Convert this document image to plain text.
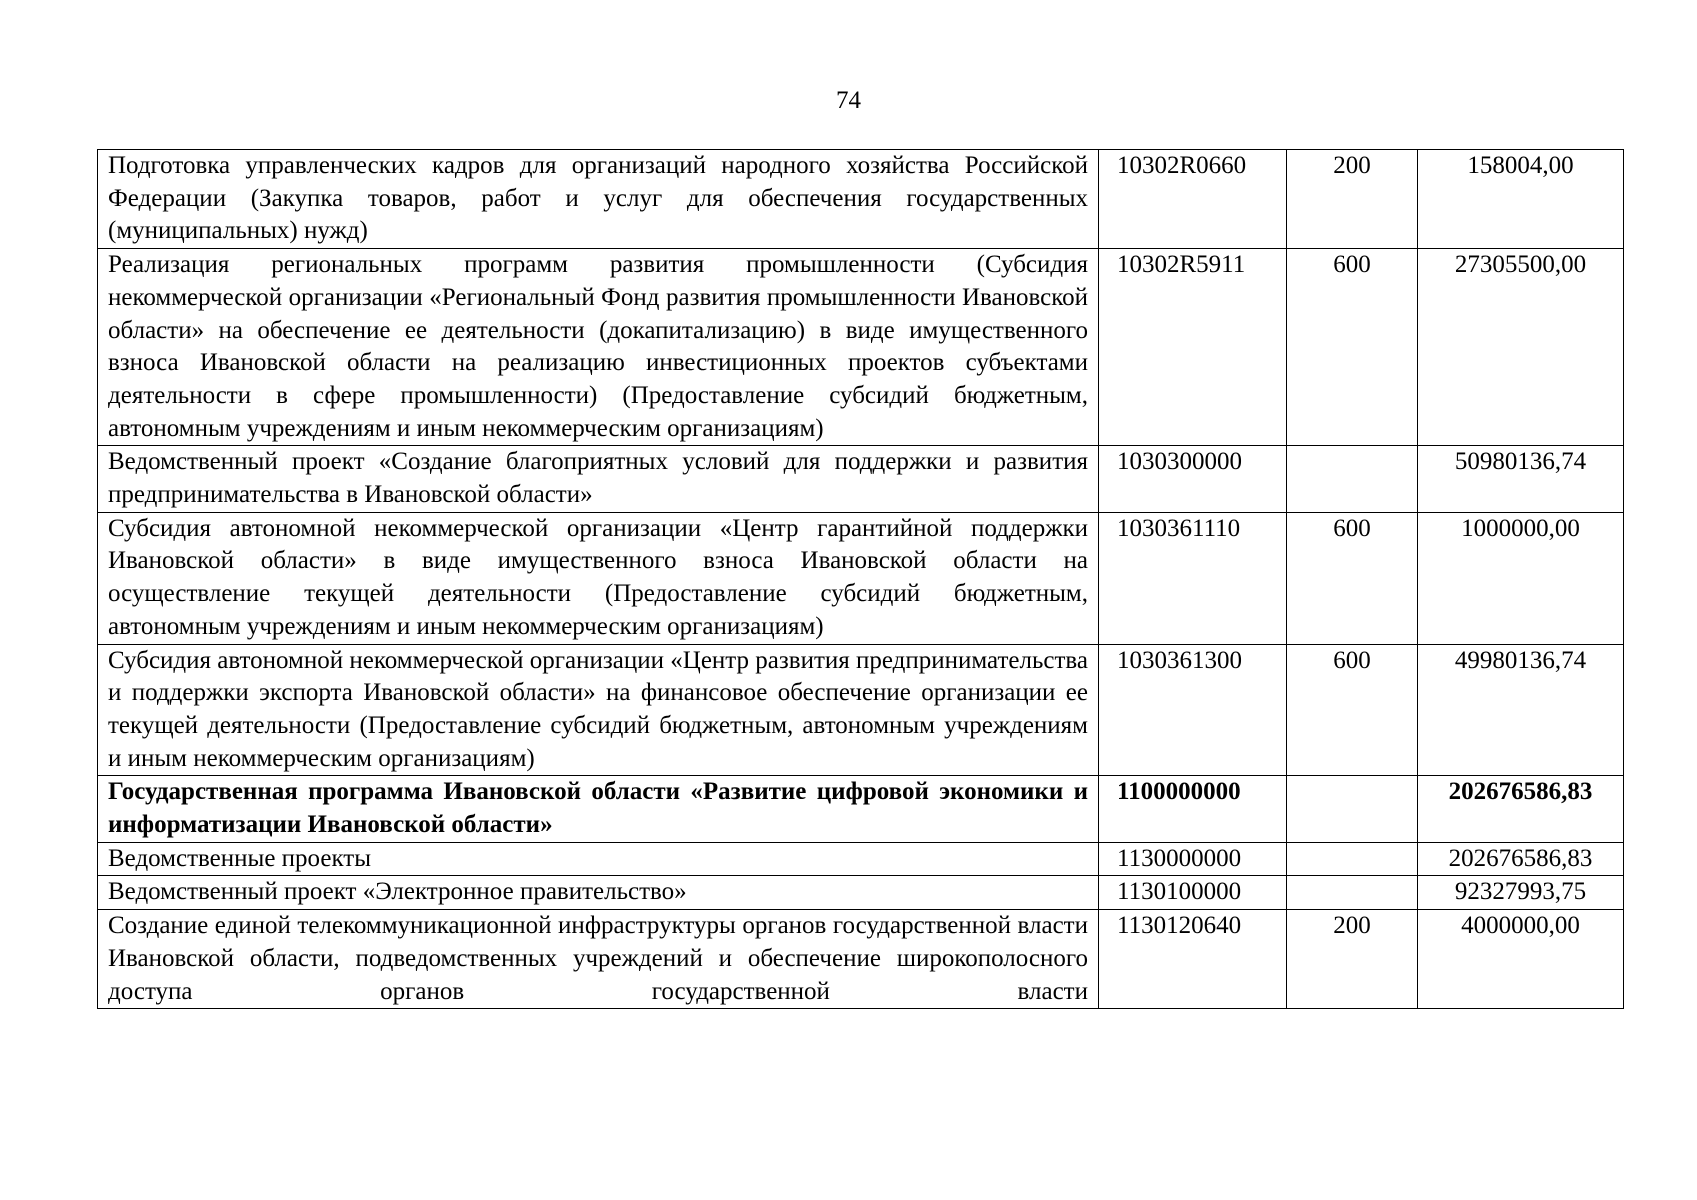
74
Подготовка управленческих кадров для организаций народного хозяйства Российской Федерации (Закупка товаров, работ и услуг для обеспечения государственных (муниципальных) нужд)	10302R0660	200	158004,00
Реализация региональных программ развития промышленности (Субсидия некоммерческой организации «Региональный Фонд развития промышленности Ивановской области» на обеспечение ее деятельности (докапитализацию) в виде имущественного взноса Ивановской области на реализацию инвестиционных проектов субъектами деятельности в сфере промышленности) (Предоставление субсидий бюджетным, автономным учреждениям и иным некоммерческим организациям)	10302R5911	600	27305500,00
Ведомственный проект «Создание благоприятных условий для поддержки и развития предпринимательства в Ивановской области»	1030300000		50980136,74
Субсидия автономной некоммерческой организации «Центр гарантийной поддержки Ивановской области» в виде имущественного взноса Ивановской области на осуществление текущей деятельности (Предоставление субсидий бюджетным, автономным учреждениям и иным некоммерческим организациям)	1030361110	600	1000000,00
Субсидия автономной некоммерческой организации «Центр развития предпринимательства и поддержки экспорта Ивановской области» на финансовое обеспечение организации ее текущей деятельности (Предоставление субсидий бюджетным, автономным учреждениям и иным некоммерческим организациям)	1030361300	600	49980136,74
Государственная программа Ивановской области «Развитие цифровой экономики и информатизации Ивановской области»	1100000000		202676586,83
Ведомственные проекты	1130000000		202676586,83
Ведомственный проект «Электронное правительство»	1130100000		92327993,75
Создание единой телекоммуникационной инфраструктуры органов государственной власти Ивановской области, подведомственных учреждений и обеспечение широкополосного доступа органов государственной власти	1130120640	200	4000000,00
